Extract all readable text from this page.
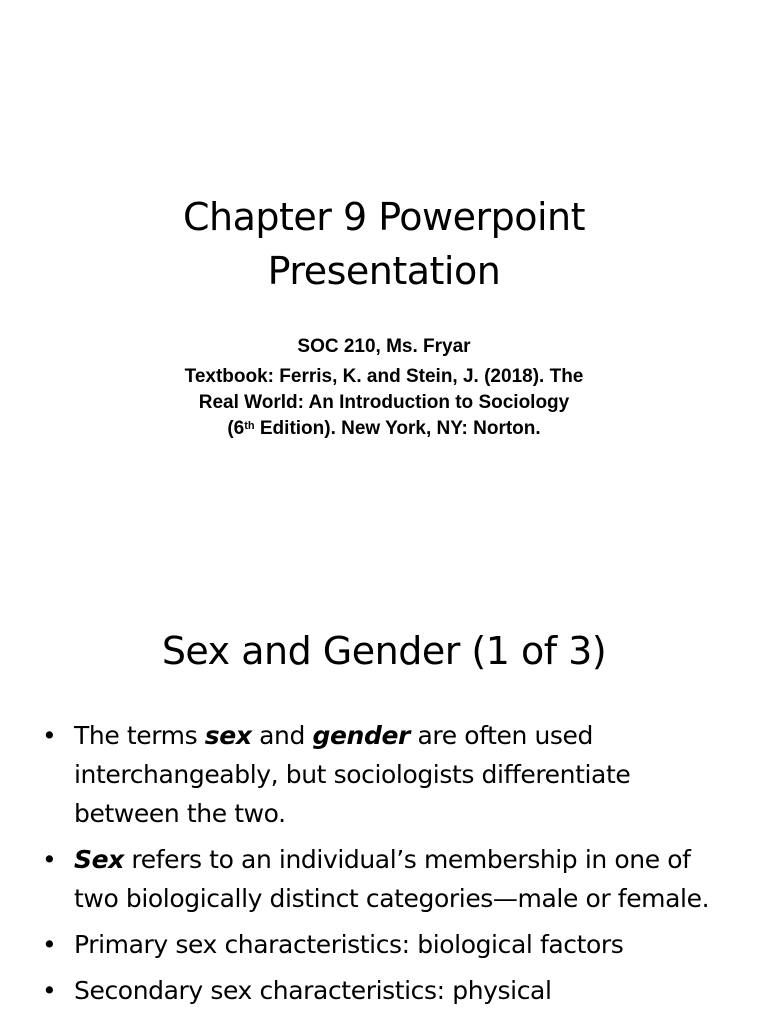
Chapter 9 Powerpoint
Presentation
SOC 210, Ms. Fryar
Textbook: Ferris, K. and Stein, J. (2018). The
Real World: An Introduction to Sociology
(6th Edition). New York, NY: Norton.
Sex and Gender (1 of 3)
• The terms sex and gender are often used interchangeably, but sociologists differentiate between the two.
• Sex refers to an individual’s membership in one of two biologically distinct categories—male or female.
• Primary sex characteristics: biological factors
• Secondary sex characteristics: physical
